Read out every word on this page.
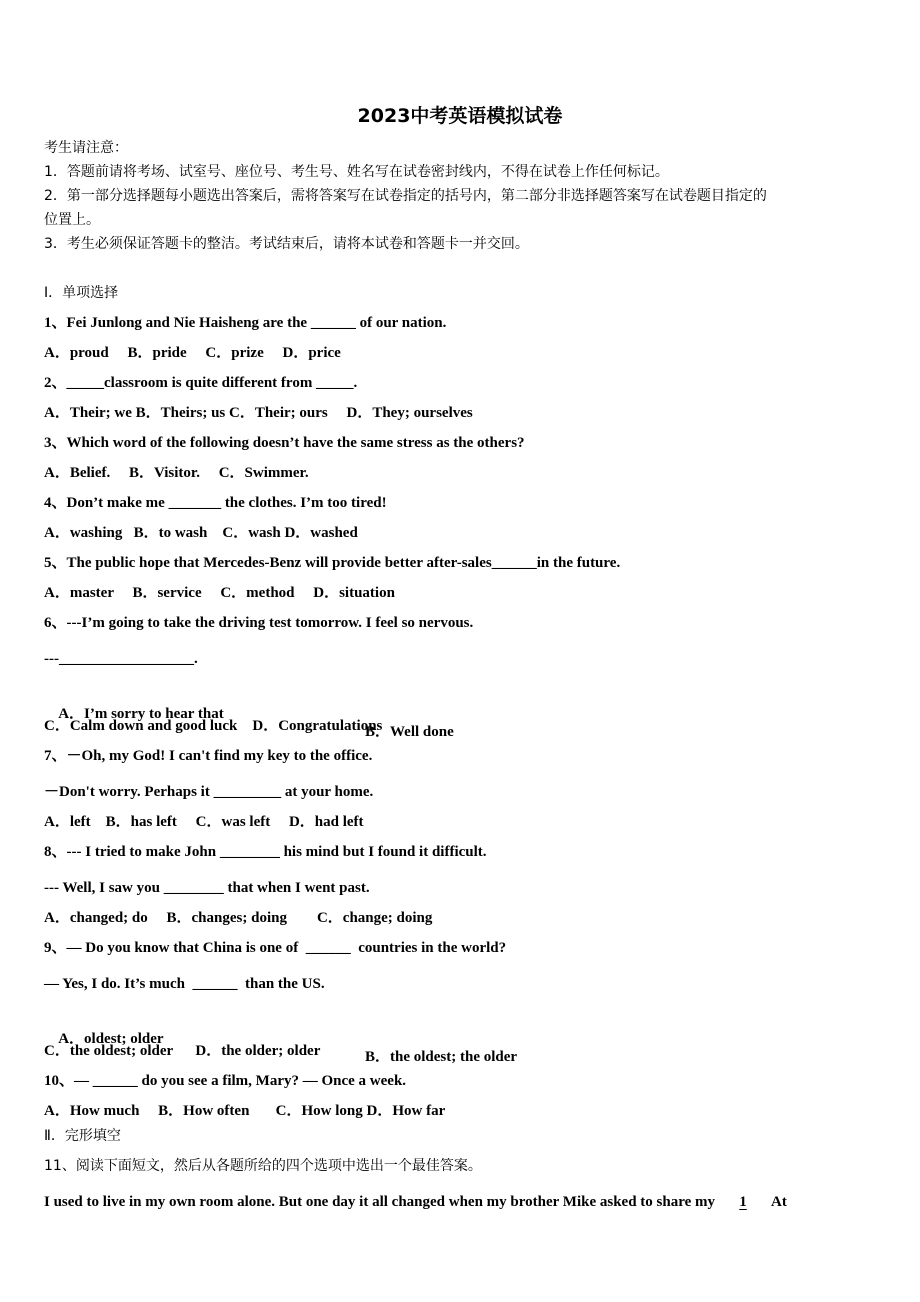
2023中考英语模拟试卷
考生请注意：
1．答题前请将考场、试室号、座位号、考生号、姓名写在试卷密封线内，不得在试卷上作任何标记。
2．第一部分选择题每小题选出答案后，需将答案写在试卷指定的括号内，第二部分非选择题答案写在试卷题目指定的
位置上。
3．考生必须保证答题卡的整洁。考试结束后，请将本试卷和答题卡一并交回。
Ⅰ．单项选择
1、Fei Junlong and Nie Haisheng are the ______ of our nation.
A．proud     B．pride     C．prize     D．price
2、_____classroom is quite different from _____.
A．Their; we B．Theirs; us C．Their; ours     D．They; ourselves
3、Which word of the following doesn’t have the same stress as the others?
A．Belief.     B．Visitor.     C．Swimmer.
4、Don’t make me _______ the clothes. I’m too tired!
A．washing   B．to wash    C．wash D．washed
5、The public hope that Mercedes-Benz will provide better after-sales______in the future.
A．master     B．service     C．method     D．situation
6、---I’m going to take the driving test tomorrow. I feel so nervous.
---__________________.

A．I’m sorry to hear that

B．Well done

C．Calm down and good luck    D．Congratulations
7、－Oh, my God! I can't find my key to the office.
－Don't worry. Perhaps it _________ at your home.
A．left    B．has left     C．was left     D．had left
8、--- I tried to make John ________ his mind but I found it difficult.
--- Well, I saw you ________ that when I went past.
A．changed; do     B．changes; doing        C．change; doing
9、— Do you know that China is one of  ______  countries in the world?
— Yes, I do. It’s much  ______  than the US.

A．oldest; older

B．the oldest; the older

C．the oldest; older      D．the older; older
10、— ______ do you see a film, Mary? — Once a week.
A．How much     B．How often       C．How long D．How far
Ⅱ．完形填空
11、阅读下面短文，然后从各题所给的四个选项中选出一个最佳答案。
I used to live in my own room alone. But one day it all changed when my brother Mike asked to share my 1 At
